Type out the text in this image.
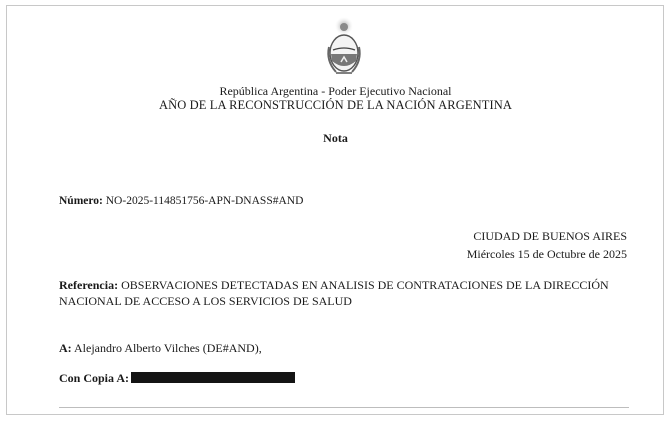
República Argentina - Poder Ejecutivo Nacional
AÑO DE LA RECONSTRUCCIÓN DE LA NACIÓN ARGENTINA
Nota
Número: NO-2025-114851756-APN-DNASS#AND
CIUDAD DE BUENOS AIRES
Miércoles 15 de Octubre de 2025
Referencia: OBSERVACIONES DETECTADAS EN ANALISIS DE CONTRATACIONES DE LA DIRECCIÓN NACIONAL DE ACCESO A LOS SERVICIOS DE SALUD
A: Alejandro Alberto Vilches (DE#AND),
Con Copia A:
